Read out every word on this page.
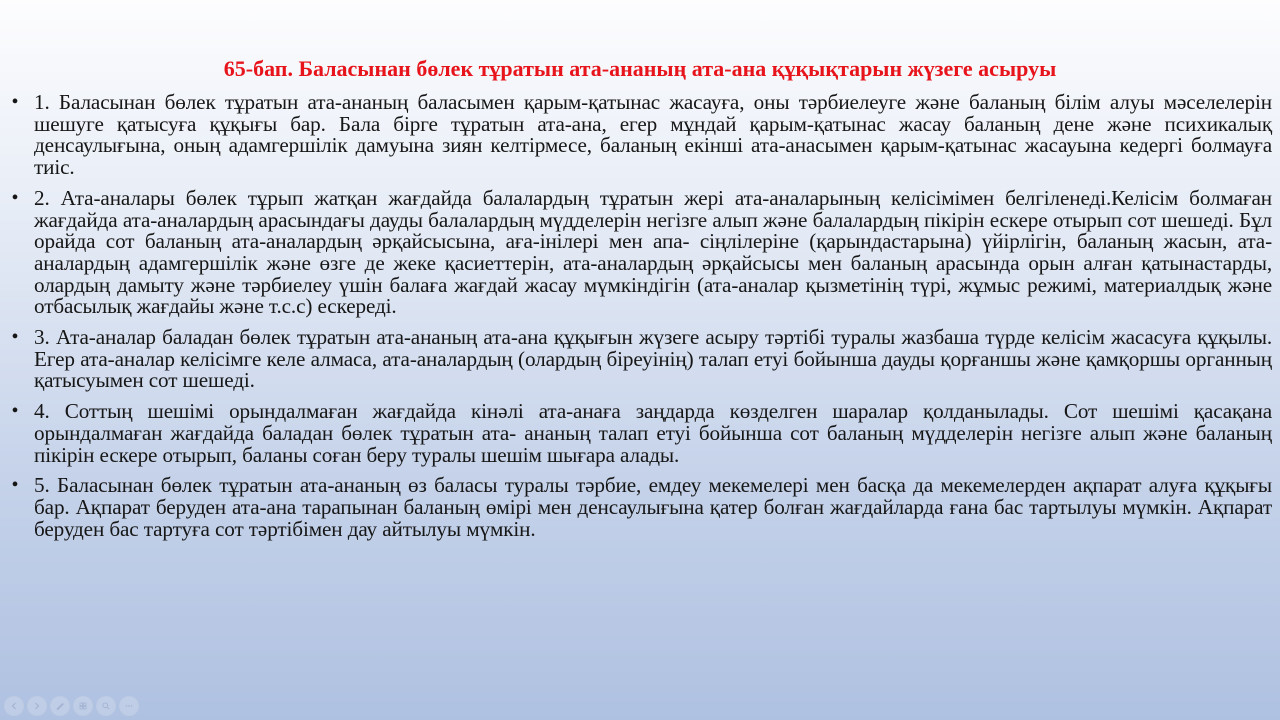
65-бап. Баласынан бөлек тұратын ата-ананың ата-ана құқықтарын жүзеге асыруы
• 1. Баласынан бөлек тұратын ата-ананың баласымен қарым-қатынас жасауға, оны тәрбиелеуге және баланың білім алуы мәселелерін шешуге қатысуға құқығы бар. Бала бірге тұратын ата-ана, егер мұндай қарым-қатынас жасау баланың дене және психикалық денсаулығына, оның адамгершілік дамуына зиян келтірмесе, баланың екінші ата-анасымен қарым-қатынас жасауына кедергі болмауға тиіс.
• 2. Ата-аналары бөлек тұрып жатқан жағдайда балалардың тұратын жері ата-аналарының келісімімен белгіленеді.Келісім болмаған жағдайда ата-аналардың арасындағы дауды балалардың мүдделерін негізге алып және балалардың пікірін ескере отырып сот шешеді. Бұл орайда сот баланың ата-аналардың әрқайсысына, аға-інілері мен апа- сіңлілеріне (қарындастарына) үйірлігін, баланың жасын, ата-аналардың адамгершілік және өзге де жеке қасиеттерін, ата-аналардың әрқайсысы мен баланың арасында орын алған қатынастарды, олардың дамыту және тәрбиелеу үшін балаға жағдай жасау мүмкіндігін (ата-аналар қызметінің түрі, жұмыс режимі, материалдық және отбасылық жағдайы және т.с.с) ескереді.
• 3. Ата-аналар баладан бөлек тұратын ата-ананың ата-ана құқығын жүзеге асыру тәртібі туралы жазбаша түрде келісім жасасуға құқылы. Егер ата-аналар келісімге келе алмаса, ата-аналардың (олардың біреуінің) талап етуі бойынша дауды қорғаншы және қамқоршы органның қатысуымен сот шешеді.
• 4. Соттың шешімі орындалмаған жағдайда кінәлі ата-анаға заңдарда көзделген шаралар қолданылады. Сот шешімі қасақана орындалмаған жағдайда баладан бөлек тұратын ата- ананың талап етуі бойынша сот баланың мүдделерін негізге алып және баланың пікірін ескере отырып, баланы соған беру туралы шешім шығара алады.
• 5. Баласынан бөлек тұратын ата-ананың өз баласы туралы тәрбие, емдеу мекемелері мен басқа да мекемелерден ақпарат алуға құқығы бар. Ақпарат беруден ата-ана тарапынан баланың өмірі мен денсаулығына қатер болған жағдайларда ғана бас тартылуы мүмкін. Ақпарат беруден бас тартуға сот тәртібімен дау айтылуы мүмкін.
